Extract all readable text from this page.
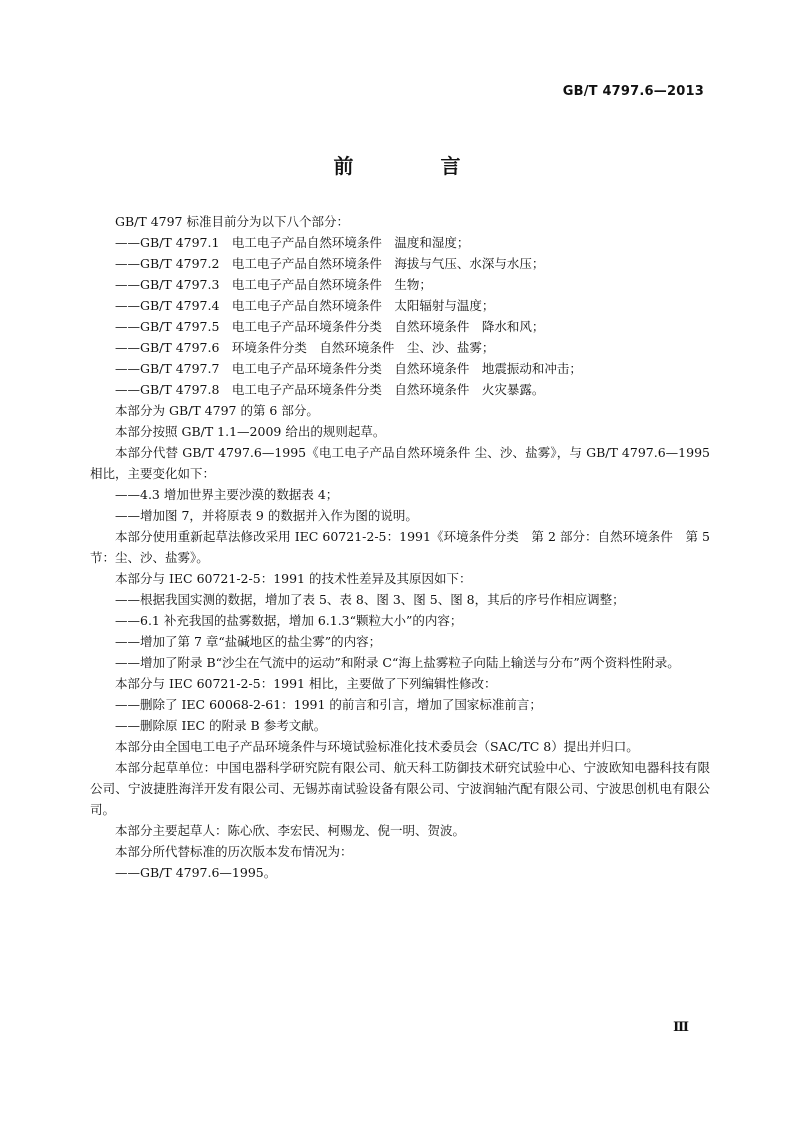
GB/T 4797.6—2013
前 言

GB/T 4797 标准目前分为以下八个部分：

——GB/T 4797.1　电工电子产品自然环境条件　温度和湿度；

——GB/T 4797.2　电工电子产品自然环境条件　海拔与气压、水深与水压；

——GB/T 4797.3　电工电子产品自然环境条件　生物；

——GB/T 4797.4　电工电子产品自然环境条件　太阳辐射与温度；

——GB/T 4797.5　电工电子产品环境条件分类　自然环境条件　降水和风；

——GB/T 4797.6　环境条件分类　自然环境条件　尘、沙、盐雾；

——GB/T 4797.7　电工电子产品环境条件分类　自然环境条件　地震振动和冲击；

——GB/T 4797.8　电工电子产品环境条件分类　自然环境条件　火灾暴露。

本部分为 GB/T 4797 的第 6 部分。

本部分按照 GB/T 1.1—2009 给出的规则起草。

本部分代替 GB/T 4797.6—1995《电工电子产品自然环境条件 尘、沙、盐雾》，与 GB/T 4797.6—1995 相比，主要变化如下：

——4.3 增加世界主要沙漠的数据表 4；

——增加图 7，并将原表 9 的数据并入作为图的说明。

本部分使用重新起草法修改采用 IEC 60721-2-5：1991《环境条件分类　第 2 部分：自然环境条件　第 5 节：尘、沙、盐雾》。

本部分与 IEC 60721-2-5：1991 的技术性差异及其原因如下：

——根据我国实测的数据，增加了表 5、表 8、图 3、图 5、图 8，其后的序号作相应调整；

——6.1 补充我国的盐雾数据，增加 6.1.3“颗粒大小”的内容；

——增加了第 7 章“盐碱地区的盐尘雾”的内容；

——增加了附录 B“沙尘在气流中的运动”和附录 C“海上盐雾粒子向陆上输送与分布”两个资料性附录。

本部分与 IEC 60721-2-5：1991 相比，主要做了下列编辑性修改：

——删除了 IEC 60068-2-61：1991 的前言和引言，增加了国家标准前言；

——删除原 IEC 的附录 B 参考文献。

本部分由全国电工电子产品环境条件与环境试验标准化技术委员会（SAC/TC 8）提出并归口。

本部分起草单位：中国电器科学研究院有限公司、航天科工防御技术研究试验中心、宁波欧知电器科技有限公司、宁波捷胜海洋开发有限公司、无锡苏南试验设备有限公司、宁波润轴汽配有限公司、宁波思创机电有限公司。

本部分主要起草人：陈心欣、李宏民、柯赐龙、倪一明、贺波。

本部分所代替标准的历次版本发布情况为：

——GB/T 4797.6—1995。

Ⅲ
